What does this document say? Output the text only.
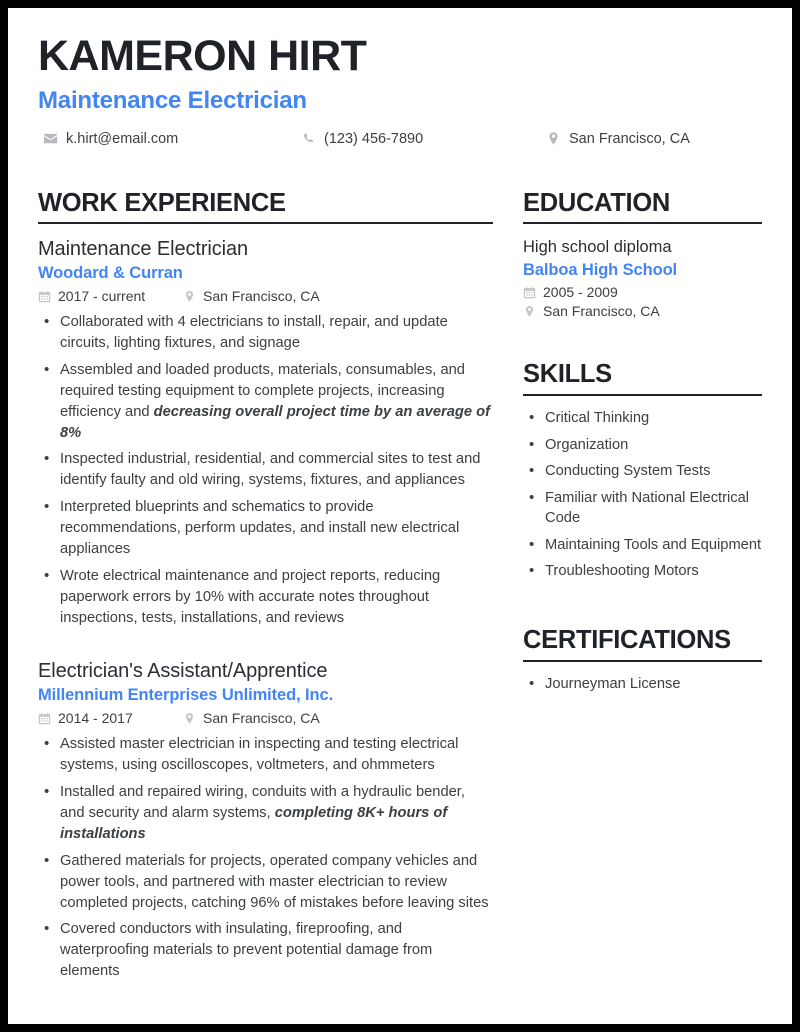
KAMERON HIRT
Maintenance Electrician
k.hirt@email.com	(123) 456-7890	San Francisco, CA
WORK EXPERIENCE
Maintenance Electrician
Woodard & Curran
2017 - current	San Francisco, CA
• Collaborated with 4 electricians to install, repair, and update circuits, lighting fixtures, and signage
• Assembled and loaded products, materials, consumables, and required testing equipment to complete projects, increasing efficiency and decreasing overall project time by an average of 8%
• Inspected industrial, residential, and commercial sites to test and identify faulty and old wiring, systems, fixtures, and appliances
• Interpreted blueprints and schematics to provide recommendations, perform updates, and install new electrical appliances
• Wrote electrical maintenance and project reports, reducing paperwork errors by 10% with accurate notes throughout inspections, tests, installations, and reviews
Electrician's Assistant/Apprentice
Millennium Enterprises Unlimited, Inc.
2014 - 2017	San Francisco, CA
• Assisted master electrician in inspecting and testing electrical systems, using oscilloscopes, voltmeters, and ohmmeters
• Installed and repaired wiring, conduits with a hydraulic bender, and security and alarm systems, completing 8K+ hours of installations
• Gathered materials for projects, operated company vehicles and power tools, and partnered with master electrician to review completed projects, catching 96% of mistakes before leaving sites
• Covered conductors with insulating, fireproofing, and waterproofing materials to prevent potential damage from elements
EDUCATION
High school diploma
Balboa High School
2005 - 2009
San Francisco, CA
SKILLS
• Critical Thinking
• Organization
• Conducting System Tests
• Familiar with National Electrical Code
• Maintaining Tools and Equipment
• Troubleshooting Motors
CERTIFICATIONS
• Journeyman License
